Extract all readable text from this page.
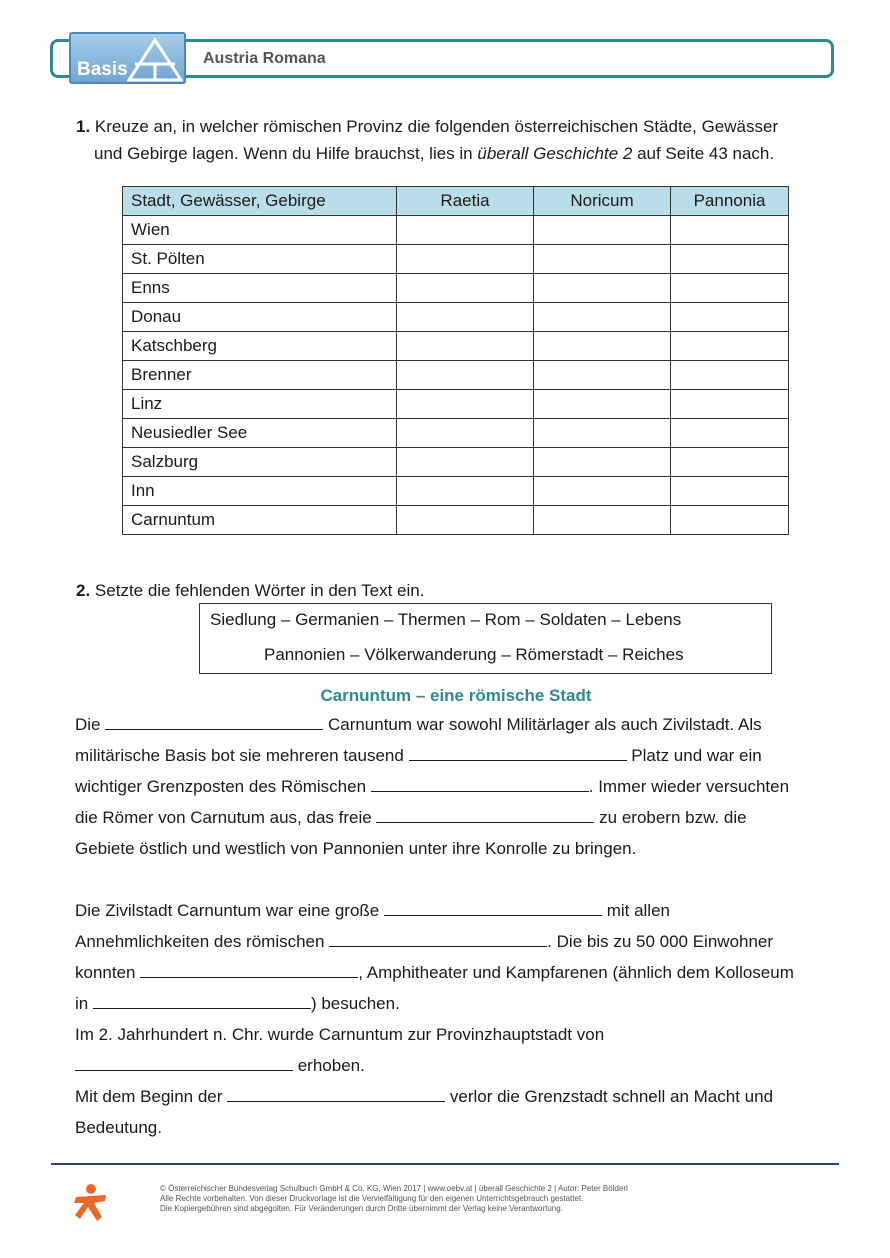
Basis
Austria Romana
1. Kreuze an, in welcher römischen Provinz die folgenden österreichischen Städte, Gewässer
und Gebirge lagen. Wenn du Hilfe brauchst, lies in überall Geschichte 2 auf Seite 43 nach.
Stadt, Gewässer, Gebirge	Raetia	Noricum	Pannonia
Wien			
St. Pölten			
Enns			
Donau			
Katschberg			
Brenner			
Linz			
Neusiedler See			
Salzburg			
Inn			
Carnuntum			
2. Setzte die fehlenden Wörter in den Text ein.
Siedlung – Germanien – Thermen – Rom – Soldaten – Lebens
Pannonien – Völkerwanderung – Römerstadt – Reiches
Carnuntum – eine römische Stadt

Die	Carnuntum war sowohl Militärlager als auch Zivilstadt. Als

militärische Basis bot sie mehreren tausend	Platz und war ein

wichtiger Grenzposten des Römischen	. Immer wieder versuchten

die Römer von Carnutum aus, das freie	zu erobern bzw. die

Gebiete östlich und westlich von Pannonien unter ihre Konrolle zu bringen.

Die Zivilstadt Carnuntum war eine große	mit allen

Annehmlichkeiten des römischen	. Die bis zu 50 000 Einwohner

konnten	, Amphitheater und Kampfarenen (ähnlich dem Kolloseum

in	) besuchen.

Im 2. Jahrhundert n. Chr. wurde Carnuntum zur Provinzhauptstadt von

erhoben.

Mit dem Beginn der	verlor die Grenzstadt schnell an Macht und

Bedeutung.

© Österreichischer Bundesverlag Schulbuch GmbH & Co. KG, Wien 2017 | www.oebv.at | überall Geschichte 2 | Autor: Peter Bölderl
Alle Rechte vorbehalten. Von dieser Druckvorlage ist die Vervielfältigung für den eigenen Unterrichtsgebrauch gestattet.
Die Kopiergebühren sind abgegolten. Für Veränderungen durch Dritte übernimmt der Verlag keine Verantwortung.
